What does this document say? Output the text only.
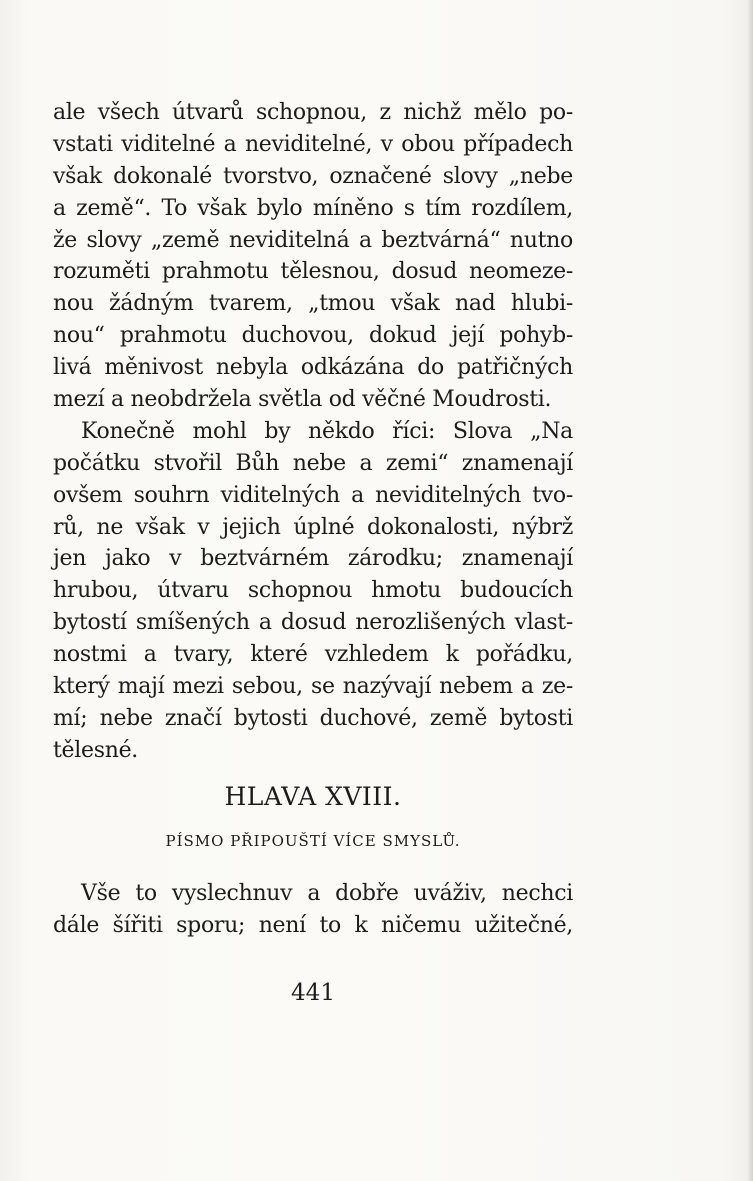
ale všech útvarů schopnou, z nichž mělo po-
vstati viditelné a neviditelné, v obou případech
však dokonalé tvorstvo, označené slovy „nebe
a země“. To však bylo míněno s tím rozdílem,
že slovy „země neviditelná a beztvárná“ nutno
rozuměti prahmotu tělesnou, dosud neomeze-
nou žádným tvarem, „tmou však nad hlubi-
nou“ prahmotu duchovou, dokud její pohyb-
livá měnivost nebyla odkázána do patřičných
mezí a neobdržela světla od věčné Moudrosti.
Konečně mohl by někdo říci: Slova „Na
počátku stvořil Bůh nebe a zemi“ znamenají
ovšem souhrn viditelných a neviditelných tvo-
rů, ne však v jejich úplné dokonalosti, nýbrž
jen jako v beztvárném zárodku; znamenají
hrubou, útvaru schopnou hmotu budoucích
bytostí smíšených a dosud nerozlišených vlast-
nostmi a tvary, které vzhledem k pořádku,
který mají mezi sebou, se nazývají nebem a ze-
mí; nebe značí bytosti duchové, země bytosti
tělesné.
HLAVA XVIII.
PÍSMO PŘIPOUŠTÍ VÍCE SMYSLŮ.
Vše to vyslechnuv a dobře uváživ, nechci
dále šířiti sporu; není to k ničemu užitečné,
441
